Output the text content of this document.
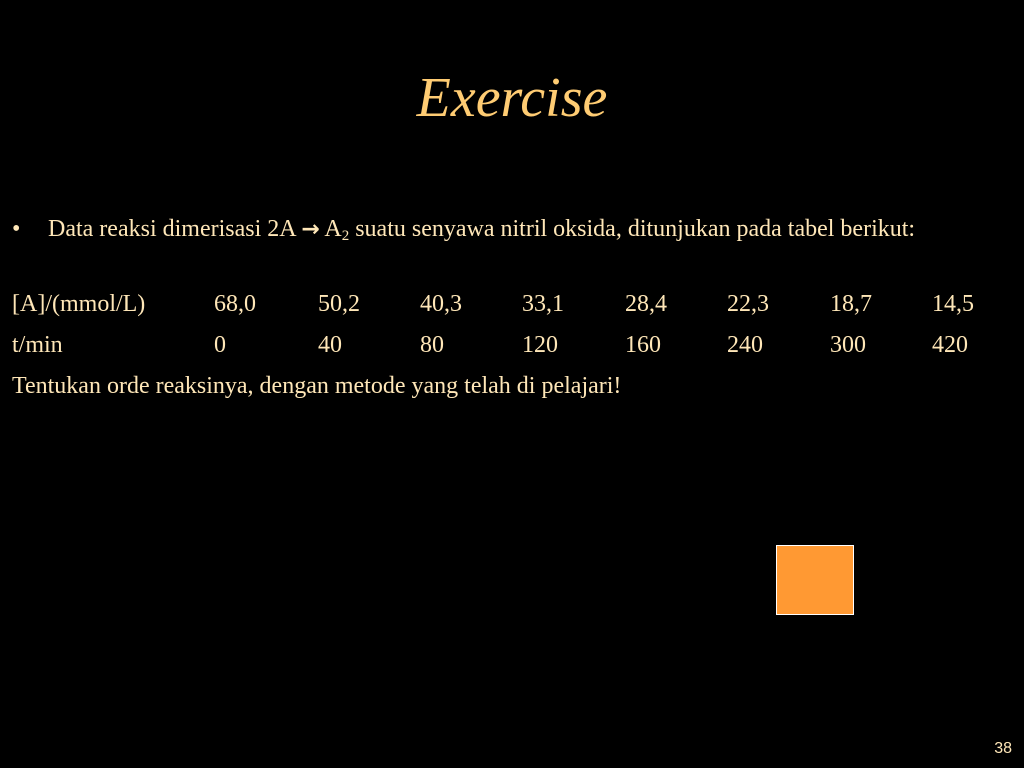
Exercise
• Data reaksi dimerisasi $2A \to A_2$ suatu senyawa nitril oksida, ditunjukan pada tabel berikut:
[A]/(mmol/L)	68,0	50,2	40,3	33,1	28,4	22,3	18,7	14,5
t/min	0	40	80	120	160	240	300	420
Tentukan orde reaksinya, dengan metode yang telah di pelajari!
38
